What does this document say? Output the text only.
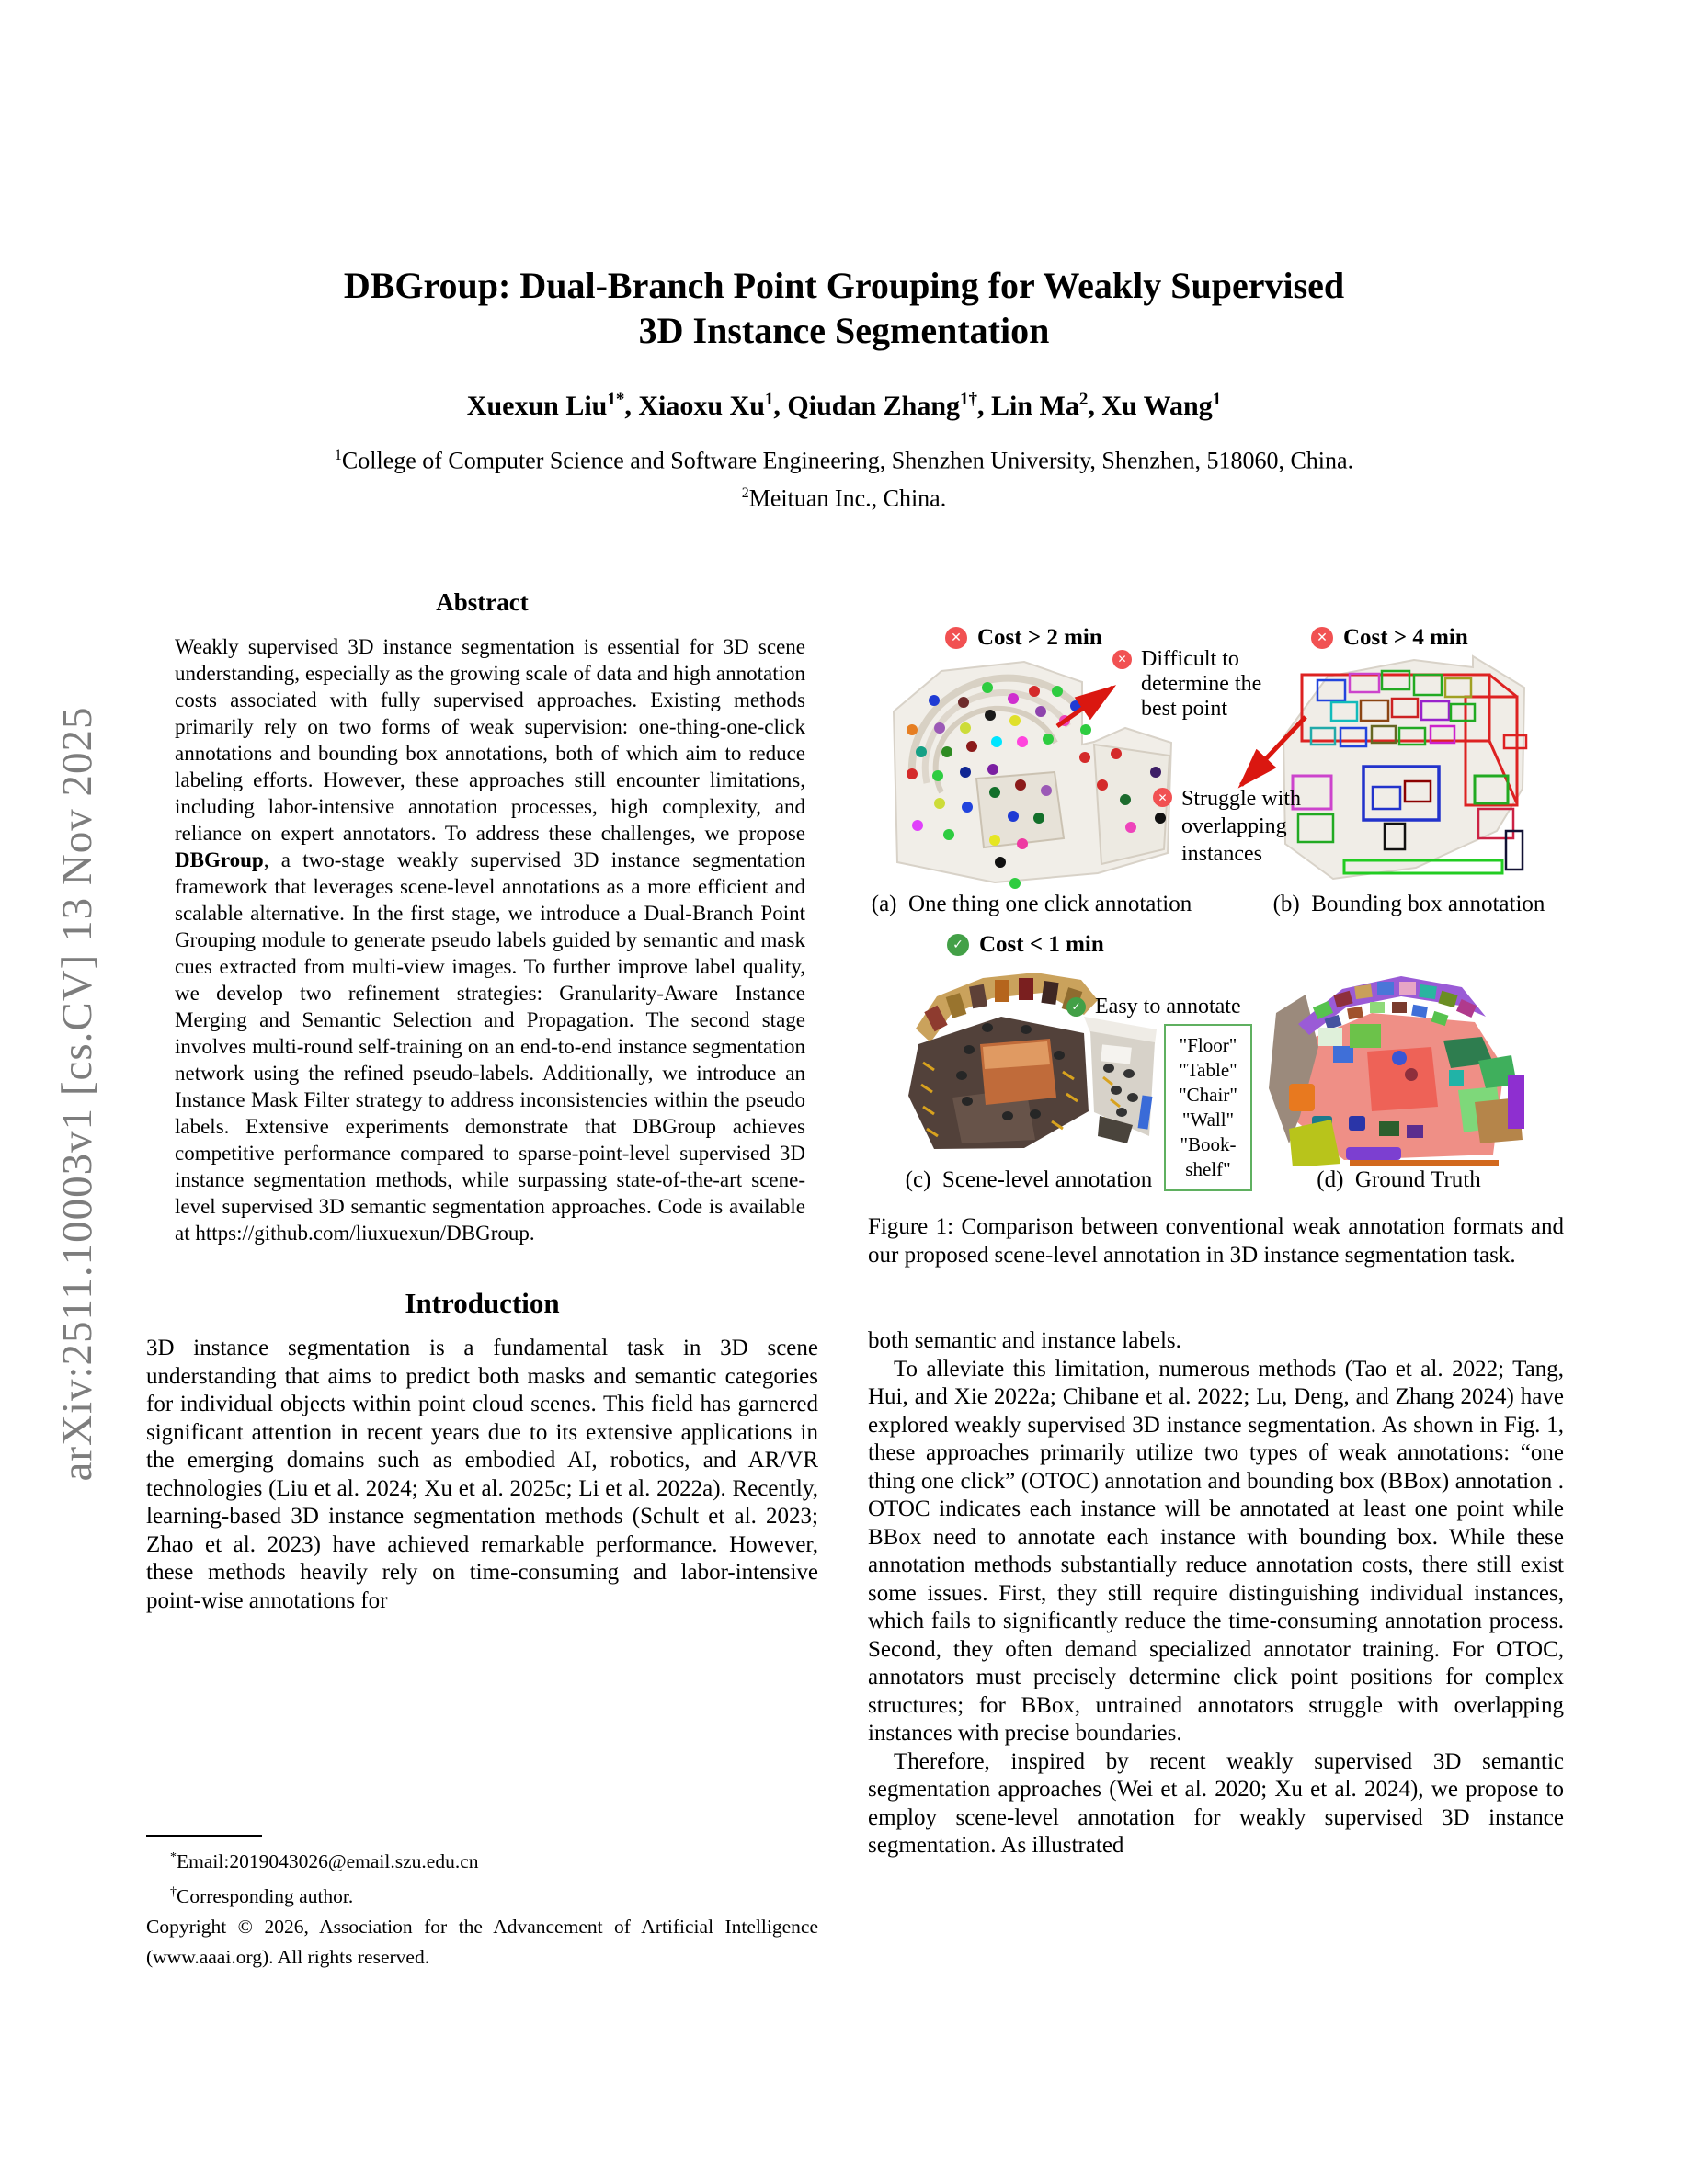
arXiv:2511.10003v1 [cs.CV] 13 Nov 2025
DBGroup: Dual-Branch Point Grouping for Weakly Supervised
3D Instance Segmentation
Xuexun Liu$^{1*}$, Xiaoxu Xu$^1$, Qiudan Zhang$^{1\dagger}$, Lin Ma$^2$, Xu Wang$^1$
$^1$College of Computer Science and Software Engineering, Shenzhen University, Shenzhen, 518060, China.
$^2$Meituan Inc., China.
Abstract
Weakly supervised 3D instance segmentation is essential for 3D scene understanding, especially as the growing scale of data and high annotation costs associated with fully supervised approaches. Existing methods primarily rely on two forms of weak supervision: one-thing-one-click annotations and bounding box annotations, both of which aim to reduce labeling efforts. However, these approaches still encounter limitations, including labor-intensive annotation processes, high complexity, and reliance on expert annotators. To address these challenges, we propose DBGroup, a two-stage weakly supervised 3D instance segmentation framework that leverages scene-level annotations as a more efficient and scalable alternative. In the first stage, we introduce a Dual-Branch Point Grouping module to generate pseudo labels guided by semantic and mask cues extracted from multi-view images. To further improve label quality, we develop two refinement strategies: Granularity-Aware Instance Merging and Semantic Selection and Propagation. The second stage involves multi-round self-training on an end-to-end instance segmentation network using the refined pseudo-labels. Additionally, we introduce an Instance Mask Filter strategy to address inconsistencies within the pseudo labels. Extensive experiments demonstrate that DBGroup achieves competitive performance compared to sparse-point-level supervised 3D instance segmentation methods, while surpassing state-of-the-art scene-level supervised 3D semantic segmentation approaches. Code is available at https://github.com/liuxuexun/DBGroup.
Introduction
3D instance segmentation is a fundamental task in 3D scene understanding that aims to predict both masks and semantic categories for individual objects within point cloud scenes. This field has garnered significant attention in recent years due to its extensive applications in the emerging domains such as embodied AI, robotics, and AR/VR technologies (Liu et al. 2024; Xu et al. 2025c; Li et al. 2022a). Recently, learning-based 3D instance segmentation methods (Schult et al. 2023; Zhao et al. 2023) have achieved remarkable performance. However, these methods heavily rely on time-consuming and labor-intensive point-wise annotations for
*Email:2019043026@email.szu.edu.cn
†Corresponding author.
Copyright © 2026, Association for the Advancement of Artificial Intelligence (www.aaai.org). All rights reserved.
✕ Cost > 2 min	✕ Cost > 4 min
✕ Difficult to
determine the
best point
✕ Struggle with
overlapping
instances
(a)  One thing one click annotation	(b)  Bounding box annotation
✓ Cost < 1 min
✓ Easy to annotate
"Floor"
"Table"
"Chair"
"Wall"
"Book-
shelf"
(c)  Scene-level annotation	(d)  Ground Truth
Figure 1: Comparison between conventional weak annotation formats and our proposed scene-level annotation in 3D instance segmentation task.
both semantic and instance labels.
To alleviate this limitation, numerous methods (Tao et al. 2022; Tang, Hui, and Xie 2022a; Chibane et al. 2022; Lu, Deng, and Zhang 2024) have explored weakly supervised 3D instance segmentation. As shown in Fig. 1, these approaches primarily utilize two types of weak annotations: “one thing one click” (OTOC) annotation and bounding box (BBox) annotation . OTOC indicates each instance will be annotated at least one point while BBox need to annotate each instance with bounding box. While these annotation methods substantially reduce annotation costs, there still exist some issues. First, they still require distinguishing individual instances, which fails to significantly reduce the time-consuming annotation process. Second, they often demand specialized annotator training. For OTOC, annotators must precisely determine click point positions for complex structures; for BBox, untrained annotators struggle with overlapping instances with precise boundaries.
Therefore, inspired by recent weakly supervised 3D semantic segmentation approaches (Wei et al. 2020; Xu et al. 2024), we propose to employ scene-level annotation for weakly supervised 3D instance segmentation. As illustrated
